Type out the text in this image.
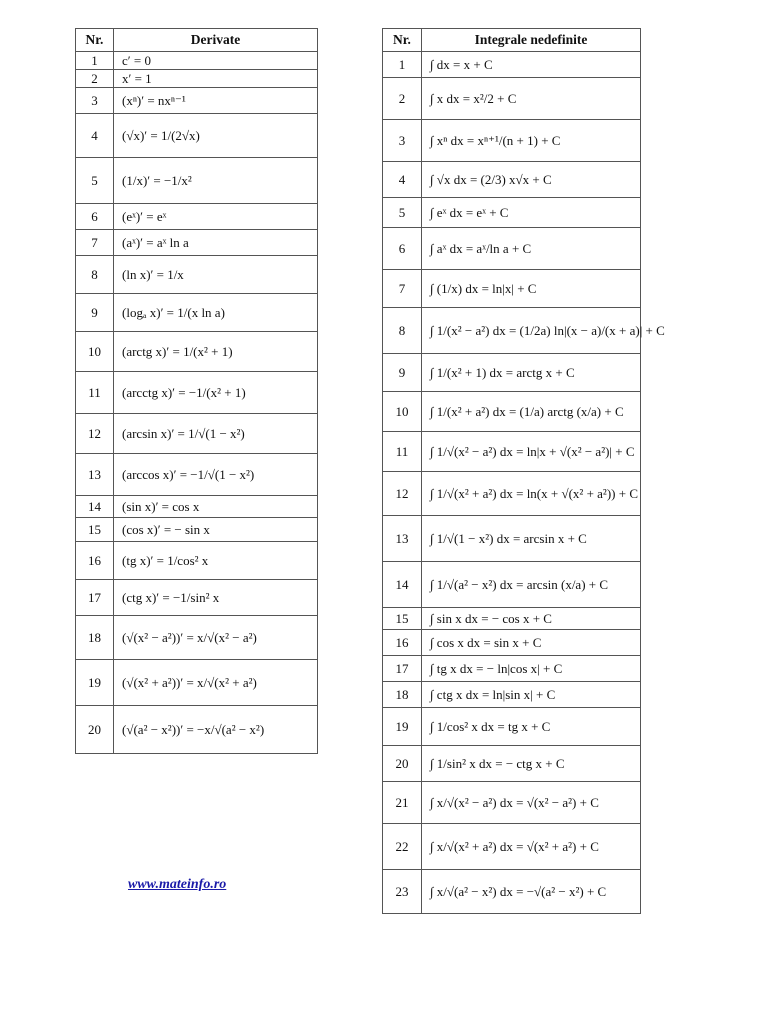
Nr.	Derivate
1	c′ = 0
2	x′ = 1
3	(xⁿ)′ = nxⁿ⁻¹
4	(√x)′ = 1/(2√x)
5	(1/x)′ = −1/x²
6	(eˣ)′ = eˣ
7	(aˣ)′ = aˣ ln a
8	(ln x)′ = 1/x
9	(logₐ x)′ = 1/(x ln a)
10	(arctg x)′ = 1/(x² + 1)
11	(arcctg x)′ = −1/(x² + 1)
12	(arcsin x)′ = 1/√(1 − x²)
13	(arccos x)′ = −1/√(1 − x²)
14	(sin x)′ = cos x
15	(cos x)′ = − sin x
16	(tg x)′ = 1/cos² x
17	(ctg x)′ = −1/sin² x
18	(√(x² − a²))′ = x/√(x² − a²)
19	(√(x² + a²))′ = x/√(x² + a²)
20	(√(a² − x²))′ = −x/√(a² − x²)
Nr.	Integrale nedefinite
1	∫ dx = x + C
2	∫ x dx = x²/2 + C
3	∫ xⁿ dx = xⁿ⁺¹/(n + 1) + C
4	∫ √x dx = (2/3) x√x + C
5	∫ eˣ dx = eˣ + C
6	∫ aˣ dx = aˣ/ln a + C
7	∫ (1/x) dx = ln|x| + C
8	∫ 1/(x² − a²) dx = (1/2a) ln|(x − a)/(x + a)| + C
9	∫ 1/(x² + 1) dx = arctg x + C
10	∫ 1/(x² + a²) dx = (1/a) arctg (x/a) + C
11	∫ 1/√(x² − a²) dx = ln|x + √(x² − a²)| + C
12	∫ 1/√(x² + a²) dx = ln(x + √(x² + a²)) + C
13	∫ 1/√(1 − x²) dx = arcsin x + C
14	∫ 1/√(a² − x²) dx = arcsin (x/a) + C
15	∫ sin x dx = − cos x + C
16	∫ cos x dx = sin x + C
17	∫ tg x dx = − ln|cos x| + C
18	∫ ctg x dx = ln|sin x| + C
19	∫ 1/cos² x dx = tg x + C
20	∫ 1/sin² x dx = − ctg x + C
21	∫ x/√(x² − a²) dx = √(x² − a²) + C
22	∫ x/√(x² + a²) dx = √(x² + a²) + C
23	∫ x/√(a² − x²) dx = −√(a² − x²) + C
www.mateinfo.ro
